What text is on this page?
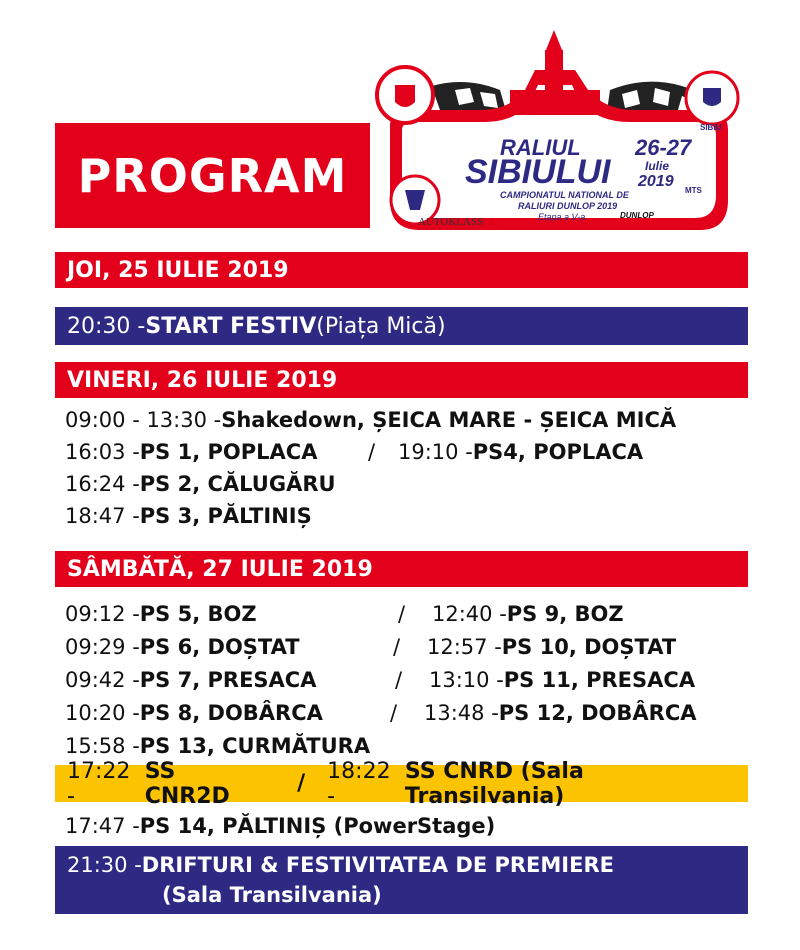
PROGRAM
RALIUL
SIBIULUI
26-27
Iulie
2019
CAMPIONATUL NATIONAL DE
RALIURI DUNLOP 2019
Etapa a V-a
AUTOKLASS
SIBIU
MTS
DUNLOP
JOI, 25 IULIE 2019
20:30 - START FESTIV (Piața Mică)
VINERI, 26 IULIE 2019
09:00 - 13:30 - Shakedown, ȘEICA MARE - ȘEICA MICĂ
16:03 - PS 1, POPLACA / 19:10 - PS4, POPLACA
16:24 - PS 2, CĂLUGĂRU
18:47 - PS 3, PĂLTINIȘ
SÂMBĂTĂ, 27 IULIE 2019
09:12 - PS 5, BOZ	/ 12:40 - PS 9, BOZ
09:29 - PS 6, DOȘTAT	/ 12:57 - PS 10, DOȘTAT
09:42 - PS 7, PRESACA	/ 13:10 - PS 11, PRESACA
10:20 - PS 8, DOBÂRCA	/ 13:48 - PS 12, DOBÂRCA
15:58 - PS 13, CURMĂTURA
17:22 -
SS CNR2D	/ 18:22 -
SS CNRD (Sala Transilvania)
17:47 - PS 14, PĂLTINIȘ (PowerStage)
21:30 - DRIFTURI & FESTIVITATEA DE PREMIERE
(Sala Transilvania)
